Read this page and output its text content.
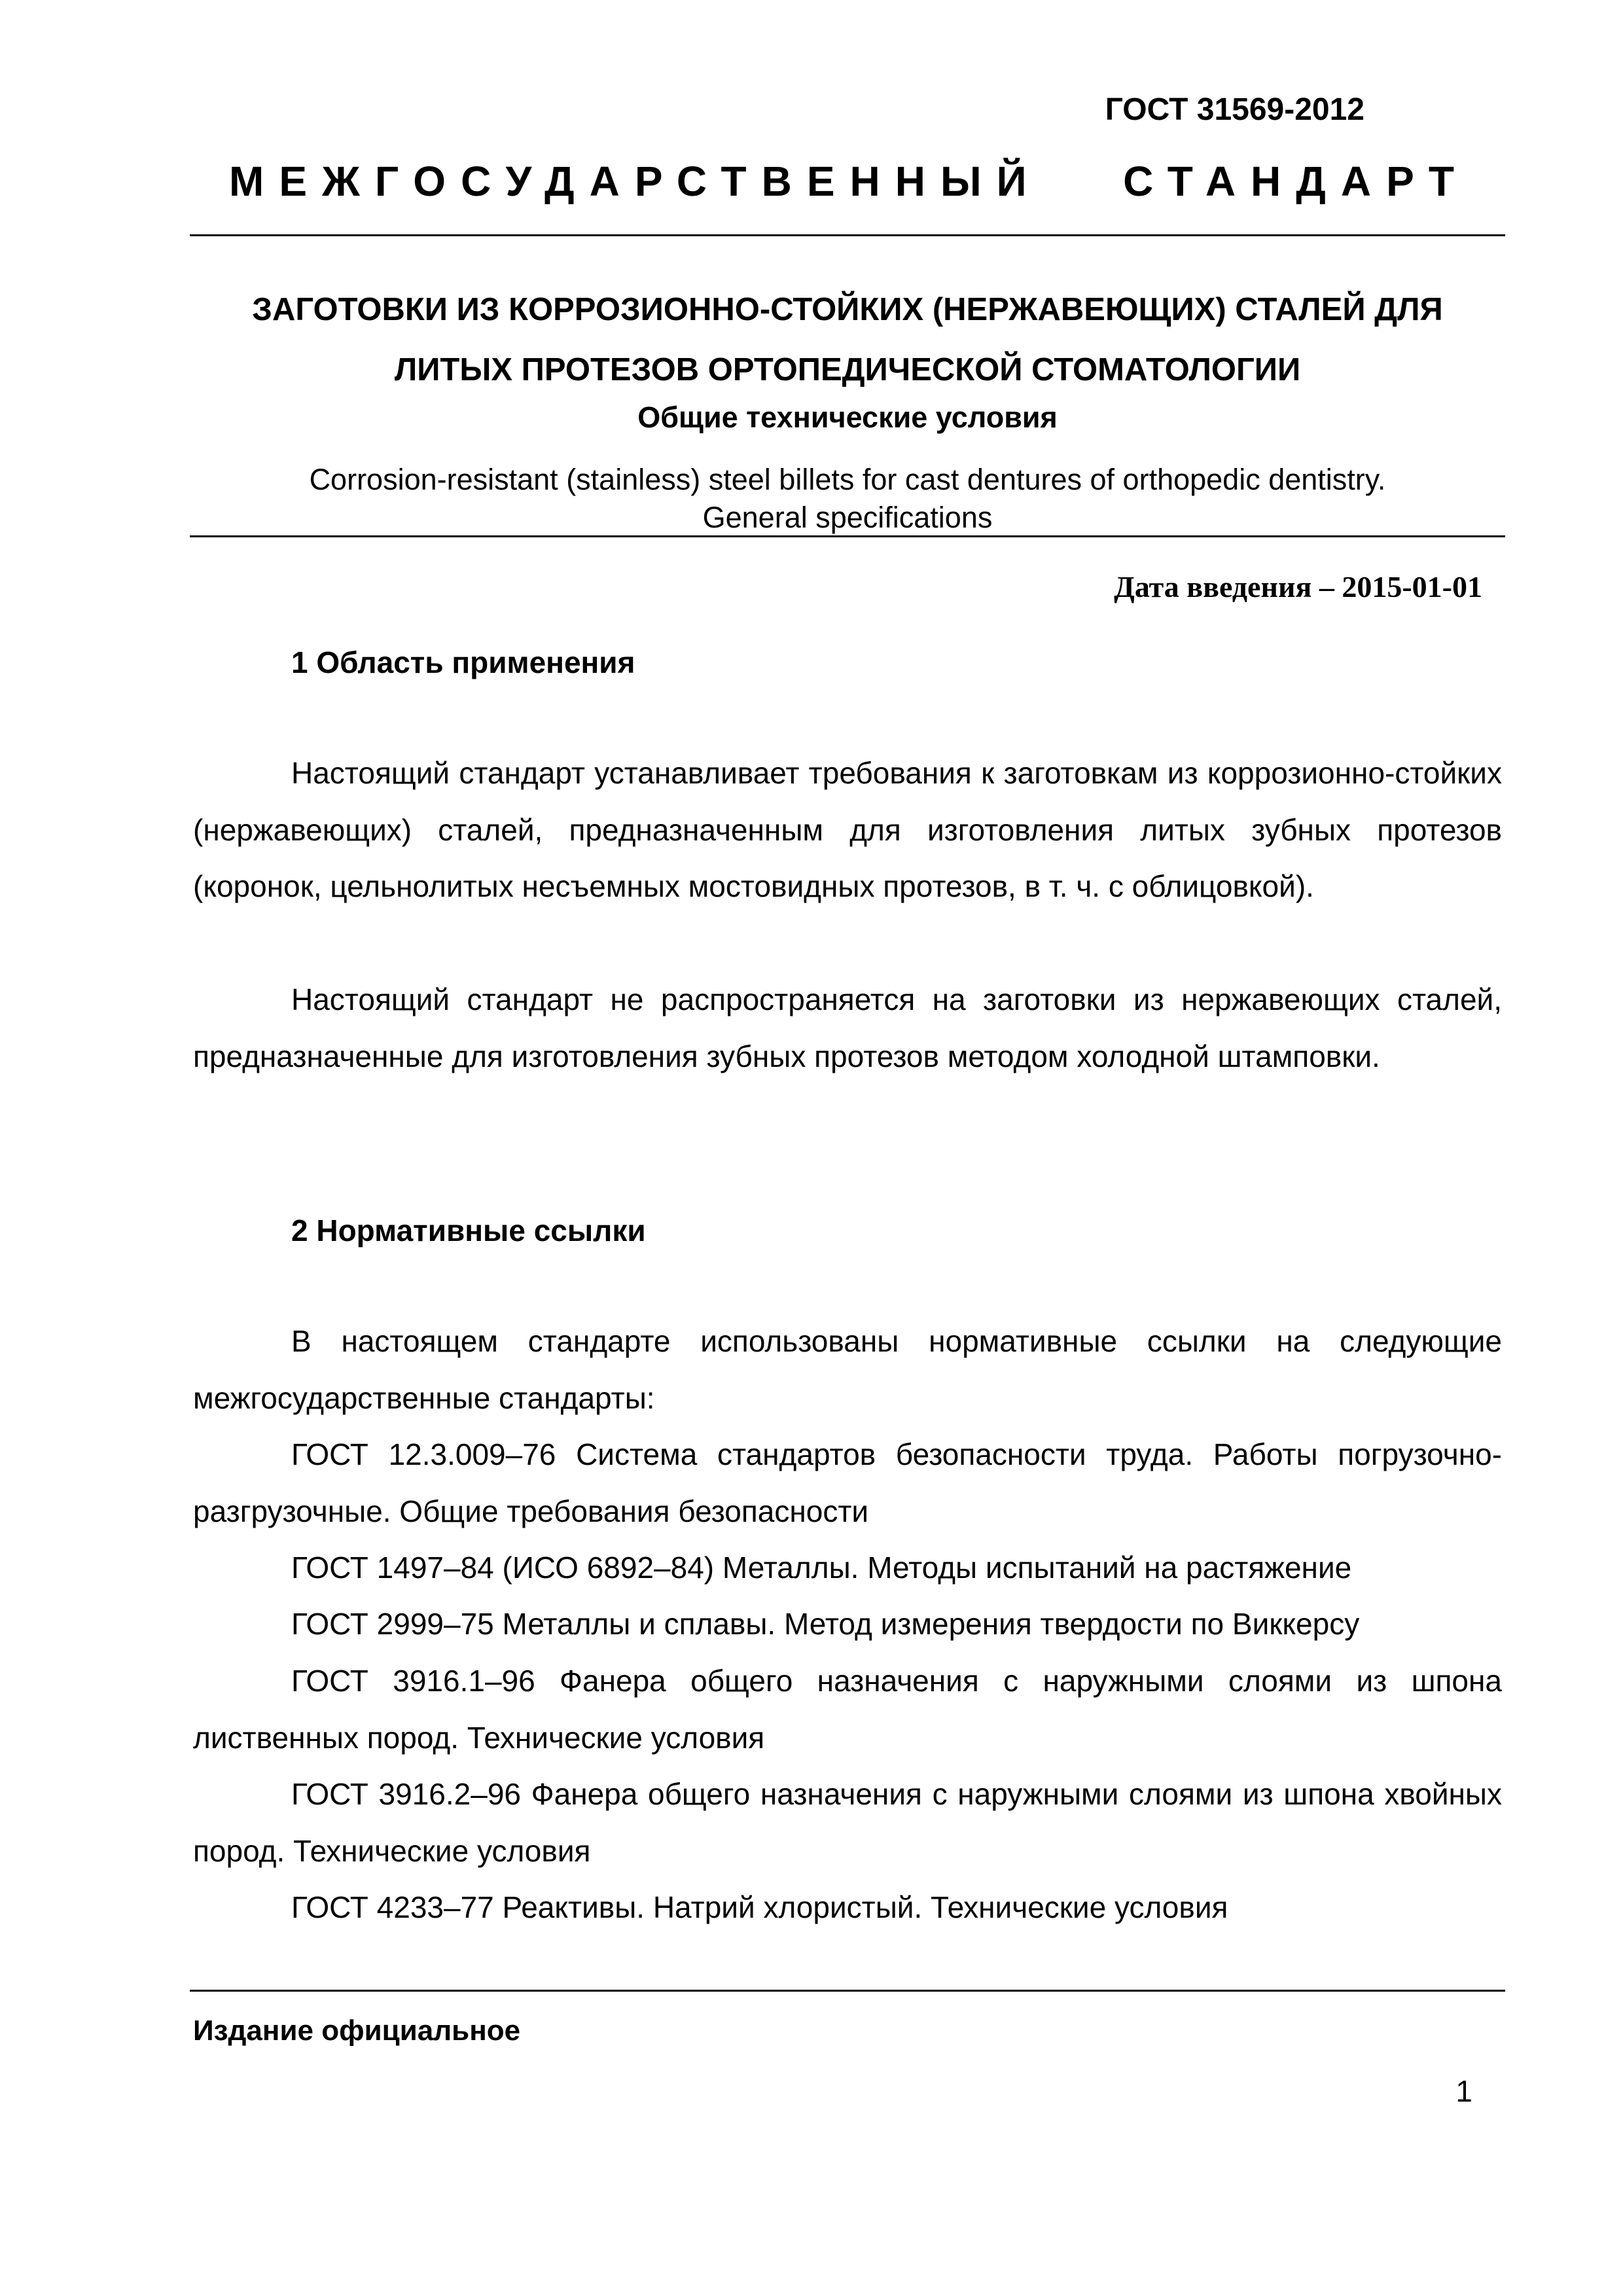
ГОСТ 31569-2012
МЕЖГОСУДАРСТВЕННЫЙ СТАНДАРТ
ЗАГОТОВКИ ИЗ КОРРОЗИОННО-СТОЙКИХ (НЕРЖАВЕЮЩИХ) СТАЛЕЙ ДЛЯ
ЛИТЫХ ПРОТЕЗОВ ОРТОПЕДИЧЕСКОЙ СТОМАТОЛОГИИ
Общие технические условия
Corrosion-resistant (stainless) steel billets for cast dentures of orthopedic dentistry.
General specifications
Дата введения – 2015-01-01
1 Область применения
Настоящий стандарт устанавливает требования к заготовкам из коррозионно-стойких (нержавеющих) сталей, предназначенным для изготовления литых зубных протезов (коронок, цельнолитых несъемных мостовидных протезов, в т. ч. с облицовкой).
Настоящий стандарт не распространяется на заготовки из нержавеющих сталей, предназначенные для изготовления зубных протезов методом холодной штамповки.
2 Нормативные ссылки
В настоящем стандарте использованы нормативные ссылки на следующие межгосударственные стандарты:
ГОСТ 12.3.009–76 Система стандартов безопасности труда. Работы погрузочно-разгрузочные. Общие требования безопасности
ГОСТ 1497–84 (ИСО 6892–84) Металлы. Методы испытаний на растяжение
ГОСТ 2999–75 Металлы и сплавы. Метод измерения твердости по Виккерсу
ГОСТ 3916.1–96 Фанера общего назначения с наружными слоями из шпона лиственных пород. Технические условия
ГОСТ 3916.2–96 Фанера общего назначения с наружными слоями из шпона хвойных пород. Технические условия
ГОСТ 4233–77 Реактивы. Натрий хлористый. Технические условия
Издание официальное
1
